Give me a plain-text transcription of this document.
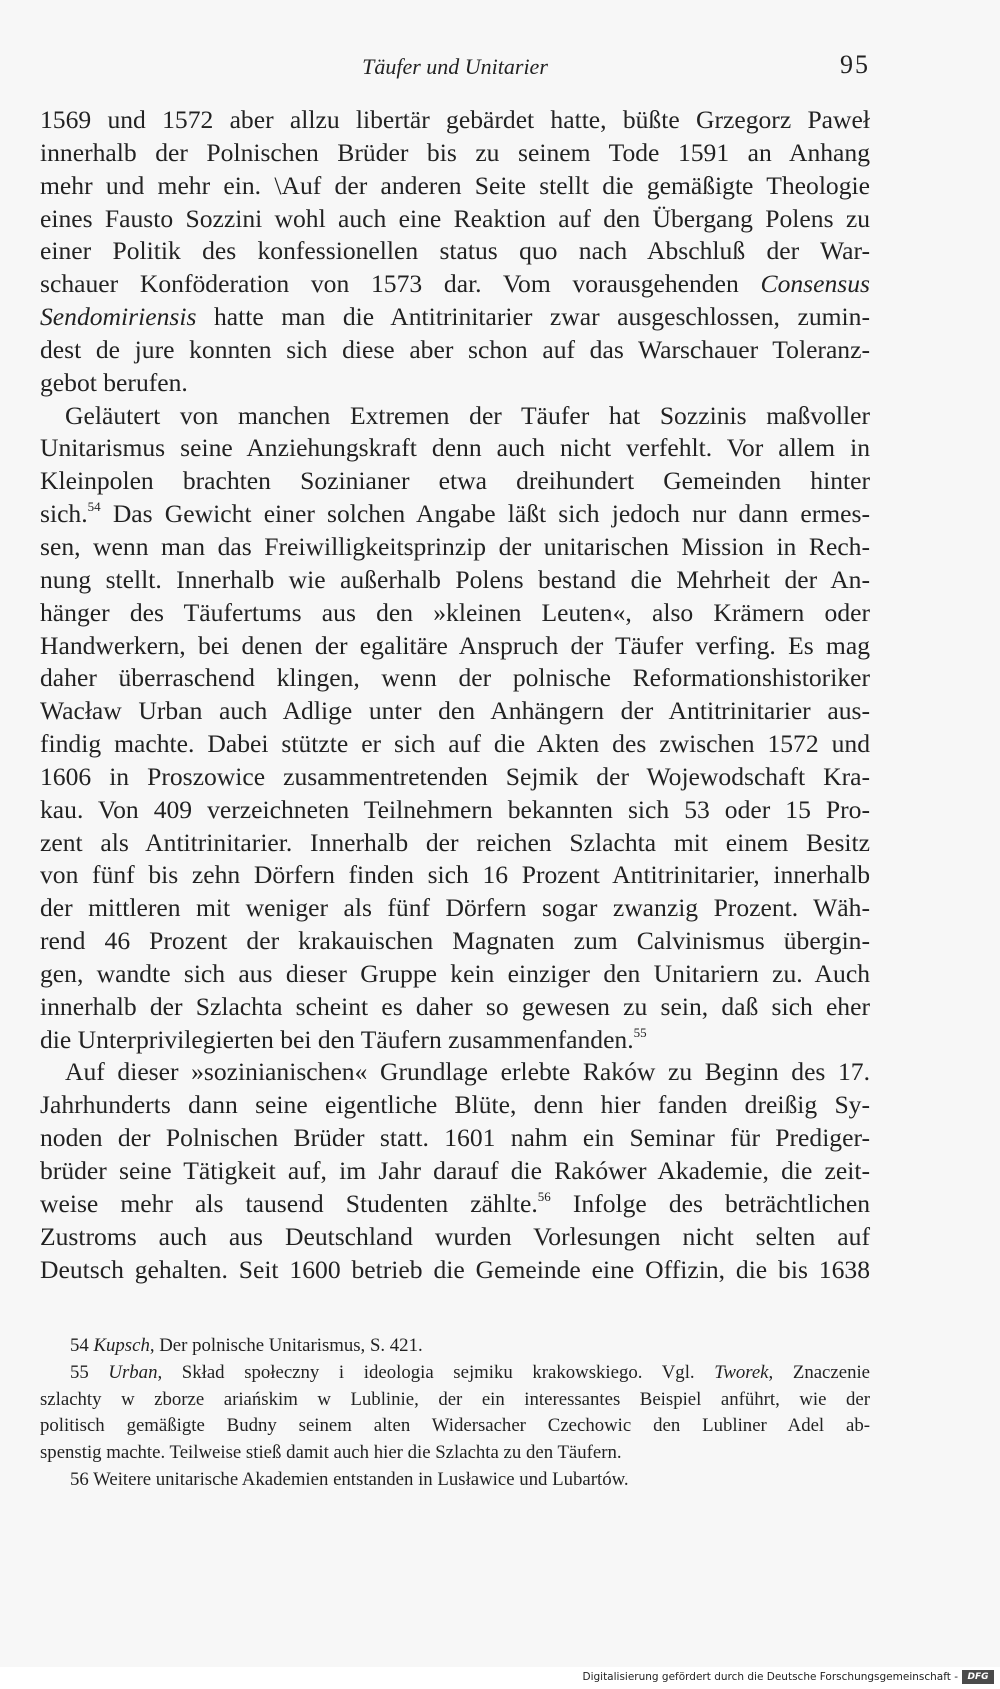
Täufer und Unitarier	95
1569 und 1572 aber allzu libertär gebärdet hatte, büßte Grzegorz Paweł
innerhalb der Polnischen Brüder bis zu seinem Tode 1591 an Anhang
mehr und mehr ein. \Auf der anderen Seite stellt die gemäßigte Theologie
eines Fausto Sozzini wohl auch eine Reaktion auf den Übergang Polens zu
einer Politik des konfessionellen status quo nach Abschluß der War-
schauer Konföderation von 1573 dar. Vom vorausgehenden Consensus
Sendomiriensis hatte man die Antitrinitarier zwar ausgeschlossen, zumin-
dest de jure konnten sich diese aber schon auf das Warschauer Toleranz-
gebot berufen.
Geläutert von manchen Extremen der Täufer hat Sozzinis maßvoller
Unitarismus seine Anziehungskraft denn auch nicht verfehlt. Vor allem in
Kleinpolen brachten Sozinianer etwa dreihundert Gemeinden hinter
sich.$^{54}$ Das Gewicht einer solchen Angabe läßt sich jedoch nur dann ermes-
sen, wenn man das Freiwilligkeitsprinzip der unitarischen Mission in Rech-
nung stellt. Innerhalb wie außerhalb Polens bestand die Mehrheit der An-
hänger des Täufertums aus den »kleinen Leuten«, also Krämern oder
Handwerkern, bei denen der egalitäre Anspruch der Täufer verfing. Es mag
daher überraschend klingen, wenn der polnische Reformationshistoriker
Wacław Urban auch Adlige unter den Anhängern der Antitrinitarier aus-
findig machte. Dabei stützte er sich auf die Akten des zwischen 1572 und
1606 in Proszowice zusammentretenden Sejmik der Wojewodschaft Kra-
kau. Von 409 verzeichneten Teilnehmern bekannten sich 53 oder 15 Pro-
zent als Antitrinitarier. Innerhalb der reichen Szlachta mit einem Besitz
von fünf bis zehn Dörfern finden sich 16 Prozent Antitrinitarier, innerhalb
der mittleren mit weniger als fünf Dörfern sogar zwanzig Prozent. Wäh-
rend 46 Prozent der krakauischen Magnaten zum Calvinismus übergin-
gen, wandte sich aus dieser Gruppe kein einziger den Unitariern zu. Auch
innerhalb der Szlachta scheint es daher so gewesen zu sein, daß sich eher
die Unterprivilegierten bei den Täufern zusammenfanden.$^{55}$
Auf dieser »sozinianischen« Grundlage erlebte Raków zu Beginn des 17.
Jahrhunderts dann seine eigentliche Blüte, denn hier fanden dreißig Sy-
noden der Polnischen Brüder statt. 1601 nahm ein Seminar für Prediger-
brüder seine Tätigkeit auf, im Jahr darauf die Rakówer Akademie, die zeit-
weise mehr als tausend Studenten zählte.$^{56}$ Infolge des beträchtlichen
Zustroms auch aus Deutschland wurden Vorlesungen nicht selten auf
Deutsch gehalten. Seit 1600 betrieb die Gemeinde eine Offizin, die bis 1638
54 Kupsch, Der polnische Unitarismus, S. 421.
55 Urban, Skład społeczny i ideologia sejmiku krakowskiego. Vgl. Tworek, Znaczenie
szlachty w zborze ariańskim w Lublinie, der ein interessantes Beispiel anführt, wie der
politisch gemäßigte Budny seinem alten Widersacher Czechowic den Lubliner Adel ab-
spenstig machte. Teilweise stieß damit auch hier die Szlachta zu den Täufern.
56 Weitere unitarische Akademien entstanden in Lusławice und Lubartów.
Digitalisierung gefördert durch die Deutsche Forschungsgemeinschaft -	DFG
